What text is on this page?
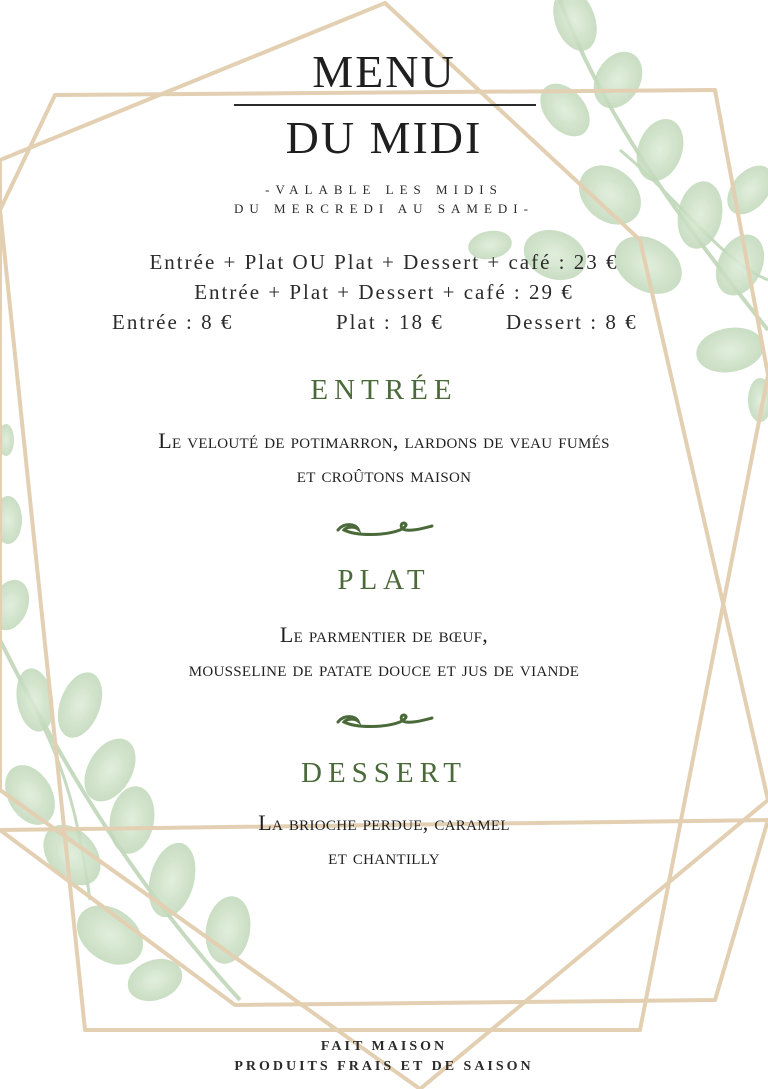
MENU
DU MIDI
-VALABLE LES MIDIS
DU MERCREDI AU SAMEDI-
Entrée + Plat OU Plat + Dessert + café : 23 €
Entrée + Plat + Dessert + café : 29 €
Entrée : 8 €	Plat : 18 €	Dessert : 8 €
ENTRÉE
Le velouté de potimarron, lardons de veau fumés
et croûtons maison
PLAT
Le parmentier de bœuf,
mousseline de patate douce et jus de viande
DESSERT
La brioche perdue, caramel
et chantilly
FAIT MAISON
PRODUITS FRAIS ET DE SAISON
